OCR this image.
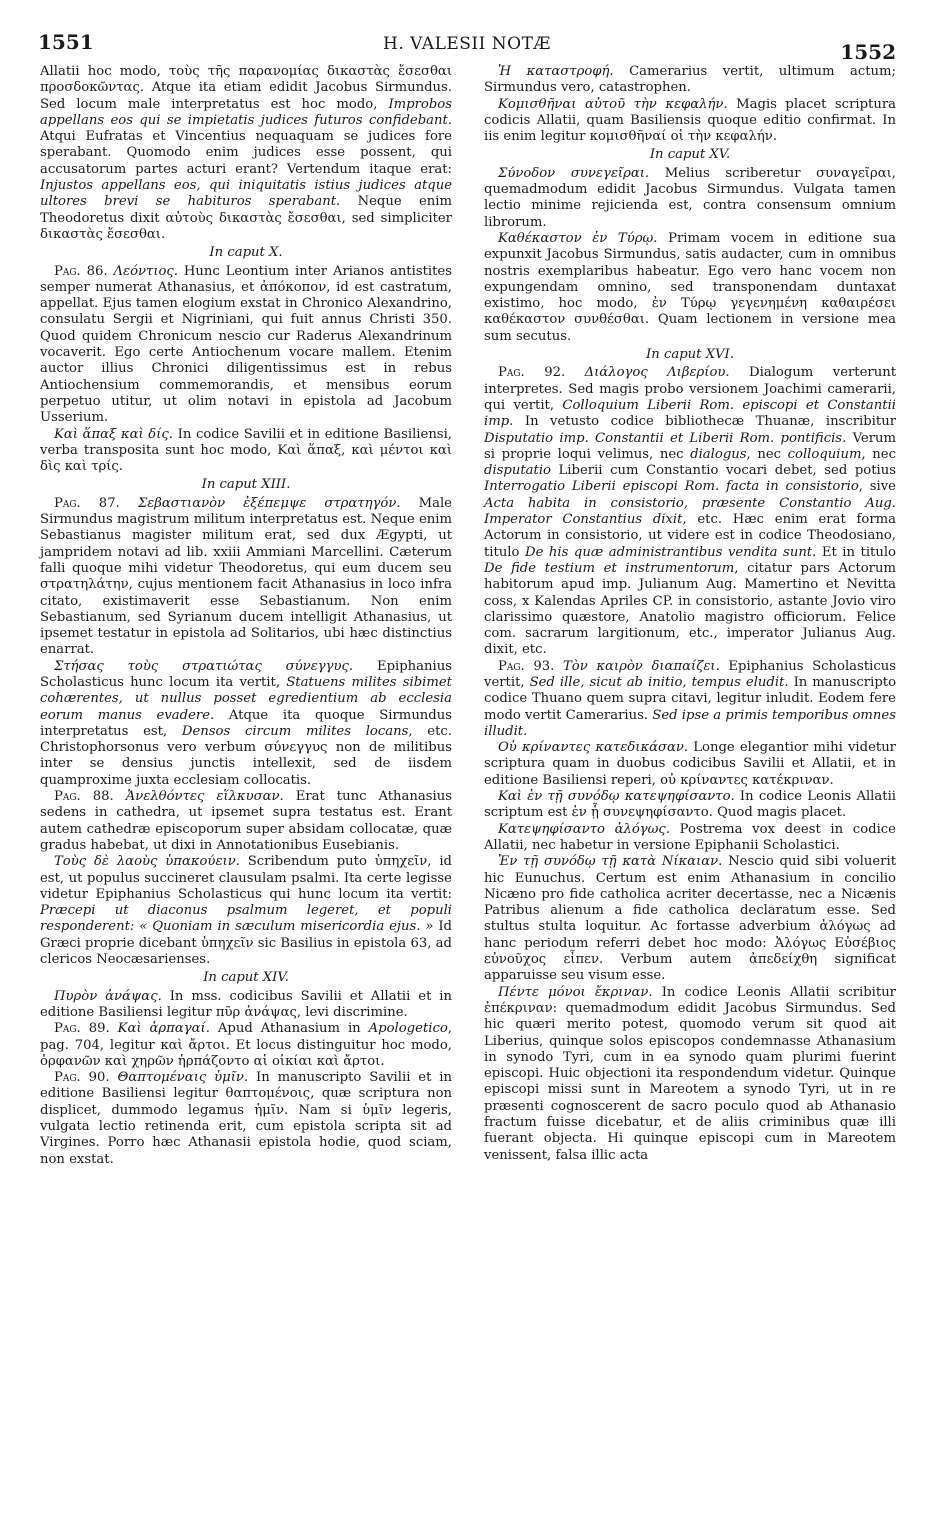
1551	H. VALESII NOTÆ	1552

Allatii hoc modo, τοὺς τῆς παρανομίας δικαστὰς ἔσεσθαι προσδοκῶντας. Atque ita etiam edidit Jacobus Sirmundus. Sed locum male interpretatus est hoc modo, Improbos appellans eos qui se impietatis judices futuros confidebant. Atqui Eufratas et Vincentius nequaquam se judices fore sperabant. Quomodo enim judices esse possent, qui accusatorum partes acturi erant? Vertendum itaque erat: Injustos appellans eos, qui iniquitatis istius judices atque ultores brevi se habituros sperabant. Neque enim Theodoretus dixit αὐτοὺς δικαστὰς ἔσεσθαι, sed simpliciter δικαστὰς ἔσεσθαι.

In caput X.

Pag. 86. Λεόντιος. Hunc Leontium inter Arianos antistites semper numerat Athanasius, et ἀπόκοπον, id est castratum, appellat. Ejus tamen elogium exstat in Chronico Alexandrino, consulatu Sergii et Nigriniani, qui fuit annus Christi 350. Quod quidem Chronicum nescio cur Raderus Alexandrinum vocaverit. Ego certe Antiochenum vocare mallem. Etenim auctor illius Chronici diligentissimus est in rebus Antiochensium commemorandis, et mensibus eorum perpetuo utitur, ut olim notavi in epistola ad Jacobum Usserium.

Καὶ ἅπαξ καὶ δίς. In codice Savilii et in editione Basiliensi, verba transposita sunt hoc modo, Καὶ ἅπαξ, καὶ μέντοι καὶ δὶς καὶ τρίς.

In caput XIII.

Pag. 87. Σεβαστιανὸν ἐξέπεμψε στρατηγόν. Male Sirmundus magistrum militum interpretatus est. Neque enim Sebastianus magister militum erat, sed dux Ægypti, ut jampridem notavi ad lib. xxiii Ammiani Marcellini. Cæterum falli quoque mihi videtur Theodoretus, qui eum ducem seu στρατηλάτην, cujus mentionem facit Athanasius in loco infra citato, existimaverit esse Sebastianum. Non enim Sebastianum, sed Syrianum ducem intelligit Athanasius, ut ipsemet testatur in epistola ad Solitarios, ubi hæc distinctius enarrat.

Στήσας τοὺς στρατιώτας σύνεγγυς. Epiphanius Scholasticus hunc locum ita vertit, Statuens milites sibimet cohærentes, ut nullus posset egredientium ab ecclesia eorum manus evadere. Atque ita quoque Sirmundus interpretatus est, Densos circum milites locans, etc. Christophorsonus vero verbum σύνεγγυς non de militibus inter se densius junctis intellexit, sed de iisdem quamproxime juxta ecclesiam collocatis.

Pag. 88. Ἀνελθόντες εἵλκυσαν. Erat tunc Athanasius sedens in cathedra, ut ipsemet supra testatus est. Erant autem cathedræ episcoporum super absidam collocatæ, quæ gradus habebat, ut dixi in Annotationibus Eusebianis.

Τοὺς δὲ λαοὺς ὑπακούειν. Scribendum puto ὑπηχεῖν, id est, ut populus succineret clausulam psalmi. Ita certe legisse videtur Epiphanius Scholasticus qui hunc locum ita vertit: Præcepi ut diaconus psalmum legeret, et populi responderent: « Quoniam in sæculum misericordia ejus. » Id Græci proprie dicebant ὑπηχεῖν sic Basilius in epistola 63, ad clericos Neocæsarienses.

In caput XIV.

Πυρὸν ἀνάψας. In mss. codicibus Savilii et Allatii et in editione Basiliensi legitur πῦρ ἀνάψας, levi discrimine.

Pag. 89. Καὶ ἁρπαγαί. Apud Athanasium in Apologetico, pag. 704, legitur καὶ ἄρτοι. Et locus distinguitur hoc modo, ὀρφανῶν καὶ χηρῶν ἡρπάζοντο αἱ οἰκίαι καὶ ἄρτοι.

Pag. 90. Θαπτομέναις ὑμῖν. In manuscripto Savilii et in editione Basiliensi legitur θαπτομένοις, quæ scriptura non displicet, dummodo legamus ἡμῖν. Nam si ὑμῖν legeris, vulgata lectio retinenda erit, cum epistola scripta sit ad Virgines. Porro hæc Athanasii epistola hodie, quod sciam, non exstat.

Ἡ καταστροφή. Camerarius vertit, ultimum actum; Sirmundus vero, catastrophen.

Κομισθῆναι αὐτοῦ τὴν κεφαλήν. Magis placet scriptura codicis Allatii, quam Basiliensis quoque editio confirmat. In iis enim legitur κομισθῆναί οἱ τὴν κεφαλήν.

In caput XV.

Σύνοδον συνεγεῖραι. Melius scriberetur συναγεῖραι, quemadmodum edidit Jacobus Sirmundus. Vulgata tamen lectio minime rejicienda est, contra consensum omnium librorum.

Καθέκαστον ἐν Τύρῳ. Primam vocem in editione sua expunxit Jacobus Sirmundus, satis audacter, cum in omnibus nostris exemplaribus habeatur. Ego vero hanc vocem non expungendam omnino, sed transponendam duntaxat existimo, hoc modo, ἐν Τύρῳ γεγενημένη καθαιρέσει καθέκαστον συνθέσθαι. Quam lectionem in versione mea sum secutus.

In caput XVI.

Pag. 92. Διάλογος Λιβερίου. Dialogum verterunt interpretes. Sed magis probo versionem Joachimi camerarii, qui vertit, Colloquium Liberii Rom. episcopi et Constantii imp. In vetusto codice bibliothecæ Thuanæ, inscribitur Disputatio imp. Constantii et Liberii Rom. pontificis. Verum si proprie loqui velimus, nec dialogus, nec colloquium, nec disputatio Liberii cum Constantio vocari debet, sed potius Interrogatio Liberii episcopi Rom. facta in consistorio, sive Acta habita in consistorio, præsente Constantio Aug. Imperator Constantius dixit, etc. Hæc enim erat forma Actorum in consistorio, ut videre est in codice Theodosiano, titulo De his quæ administrantibus vendita sunt. Et in titulo De fide testium et instrumentorum, citatur pars Actorum habitorum apud imp. Julianum Aug. Mamertino et Nevitta coss, x Kalendas Apriles CP. in consistorio, astante Jovio viro clarissimo quæstore, Anatolio magistro officiorum. Felice com. sacrarum largitionum, etc., imperator Julianus Aug. dixit, etc.

Pag. 93. Τὸν καιρὸν διαπαίζει. Epiphanius Scholasticus vertit, Sed ille, sicut ab initio, tempus eludit. In manuscripto codice Thuano quem supra citavi, legitur inludit. Eodem fere modo vertit Camerarius. Sed ipse a primis temporibus omnes illudit.

Οὐ κρίναντες κατεδικάσαν. Longe elegantior mihi videtur scriptura quam in duobus codicibus Savilii et Allatii, et in editione Basiliensi reperi, οὐ κρίναντες κατέκριναν.

Καὶ ἐν τῇ συνόδῳ κατεψηφίσαντο. In codice Leonis Allatii scriptum est ἐν ᾗ συνεψηφίσαντο. Quod magis placet.

Κατεψηφίσαντο ἀλόγως. Postrema vox deest in codice Allatii, nec habetur in versione Epiphanii Scholastici.

Ἐν τῇ συνόδῳ τῇ κατὰ Νίκαιαν. Nescio quid sibi voluerit hic Eunuchus. Certum est enim Athanasium in concilio Nicæno pro fide catholica acriter decertasse, nec a Nicænis Patribus alienum a fide catholica declaratum esse. Sed stultus stulta loquitur. Ac fortasse adverbium ἀλόγως ad hanc periodum referri debet hoc modo: Ἀλόγως Εὐσέβιος εὐνοῦχος εἶπεν. Verbum autem ἀπεδείχθη significat apparuisse seu visum esse.

Πέντε μόνοι ἔκριναν. In codice Leonis Allatii scribitur ἐπέκριναν: quemadmodum edidit Jacobus Sirmundus. Sed hic quæri merito potest, quomodo verum sit quod ait Liberius, quinque solos episcopos condemnasse Athanasium in synodo Tyri, cum in ea synodo quam plurimi fuerint episcopi. Huic objectioni ita respondendum videtur. Quinque episcopi missi sunt in Mareotem a synodo Tyri, ut in re præsenti cognoscerent de sacro poculo quod ab Athanasio fractum fuisse dicebatur, et de aliis criminibus quæ illi fuerant objecta. Hi quinque episcopi cum in Mareotem venissent, falsa illic acta
